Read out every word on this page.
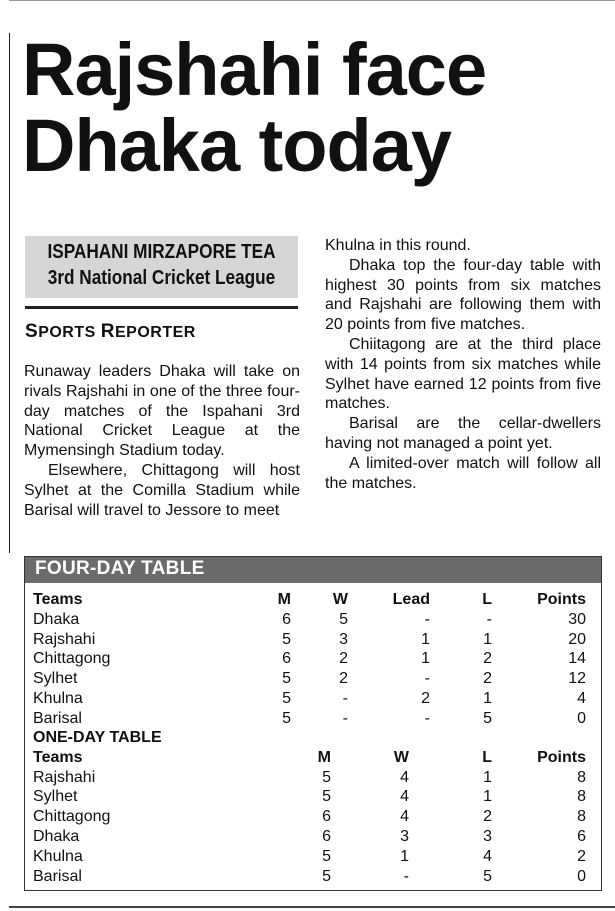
Rajshahi face
Dhaka today
ISPAHANI MIRZAPORE TEA
3rd National Cricket League
SPORTS REPORTER

Runaway leaders Dhaka will take on rivals Rajshahi in one of the three four-day matches of the Ispahani 3rd National Cricket League at the Mymensingh Stadium today.

Elsewhere, Chittagong will host Sylhet at the Comilla Stadium while Barisal will travel to Jessore to meet

Khulna in this round.

Dhaka top the four-day table with highest 30 points from six matches and Rajshahi are following them with 20 points from five matches.

Chiitagong are at the third place with 14 points from six matches while Sylhet have earned 12 points from five matches.

Barisal are the cellar-dwellers having not managed a point yet.

A limited-over match will follow all the matches.

FOUR-DAY TABLE
Teams	M	W	Lead	L	Points
Dhaka	6	5	-	-	30
Rajshahi	5	3	1	1	20
Chittagong	6	2	1	2	14
Sylhet	5	2	-	2	12
Khulna	5	-	2	1	4
Barisal	5	-	-	5	0
ONE-DAY TABLE
Teams	M	W	L	Points
Rajshahi	5	4	1	8
Sylhet	5	4	1	8
Chittagong	6	4	2	8
Dhaka	6	3	3	6
Khulna	5	1	4	2
Barisal	5	-	5	0
